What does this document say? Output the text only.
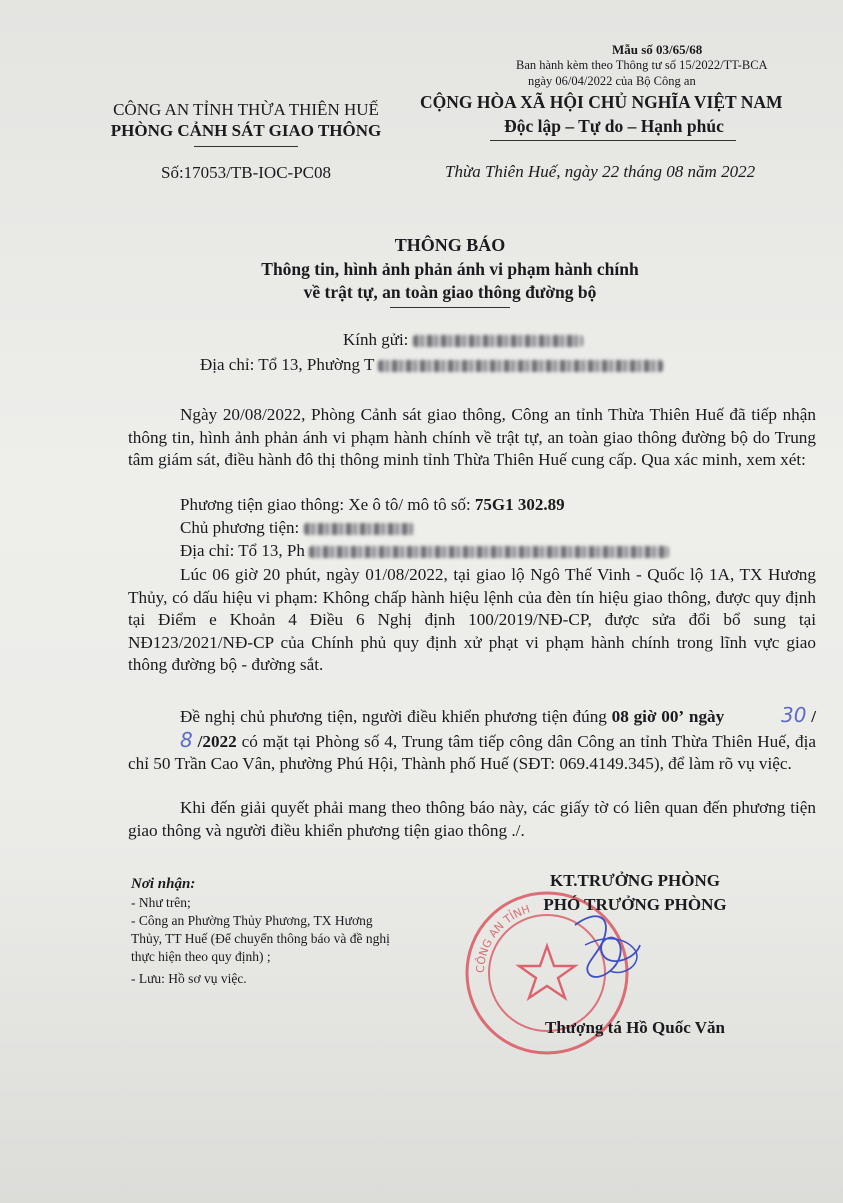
Mẫu số 03/65/68
Ban hành kèm theo Thông tư số 15/2022/TT-BCA
ngày 06/04/2022 của Bộ Công an
CÔNG AN TỈNH THỪA THIÊN HUẾ
PHÒNG CẢNH SÁT GIAO THÔNG
Số:17053/TB-IOC-PC08
CỘNG HÒA XÃ HỘI CHỦ NGHĨA VIỆT NAM
Độc lập – Tự do – Hạnh phúc
Thừa Thiên Huế, ngày 22 tháng 08 năm 2022
THÔNG BÁO
Thông tin, hình ảnh phản ánh vi phạm hành chính
về trật tự, an toàn giao thông đường bộ
Kính gửi:
Địa chỉ: Tổ 13, Phường T
Ngày 20/08/2022, Phòng Cảnh sát giao thông, Công an tỉnh Thừa Thiên Huế đã tiếp nhận thông tin, hình ảnh phản ánh vi phạm hành chính về trật tự, an toàn giao thông đường bộ do Trung tâm giám sát, điều hành đô thị thông minh tỉnh Thừa Thiên Huế cung cấp. Qua xác minh, xem xét:
Phương tiện giao thông: Xe ô tô/ mô tô số: 75G1 302.89
Chủ phương tiện:
Địa chỉ: Tổ 13, Ph
Lúc 06 giờ 20 phút, ngày 01/08/2022, tại giao lộ Ngô Thế Vinh - Quốc lộ 1A, TX Hương Thủy, có dấu hiệu vi phạm: Không chấp hành hiệu lệnh của đèn tín hiệu giao thông, được quy định tại Điểm e Khoản 4 Điều 6 Nghị định 100/2019/NĐ-CP, được sửa đổi bổ sung tại NĐ123/2021/NĐ-CP của Chính phủ quy định xử phạt vi phạm hành chính trong lĩnh vực giao thông đường bộ - đường sắt.
Đề nghị chủ phương tiện, người điều khiển phương tiện đúng 08 giờ 00’ ngày	30 / 8 /2022 có mặt tại Phòng số 4, Trung tâm tiếp công dân Công an tỉnh Thừa Thiên Huế, địa chỉ 50 Trần Cao Vân, phường Phú Hội, Thành phố Huế (SĐT: 069.4149.345), để làm rõ vụ việc.
Khi đến giải quyết phải mang theo thông báo này, các giấy tờ có liên quan đến phương tiện giao thông và người điều khiển phương tiện giao thông ./.
Nơi nhận:
- Như trên;
- Công an Phường Thủy Phương, TX Hương
Thủy, TT Huế (Để chuyển thông báo và đề nghị
thực hiện theo quy định) ;
- Lưu: Hồ sơ vụ việc.
CÔNG AN TỈNH
KT.TRƯỞNG PHÒNG
PHÓ TRƯỞNG PHÒNG
Thượng tá Hồ Quốc Văn
